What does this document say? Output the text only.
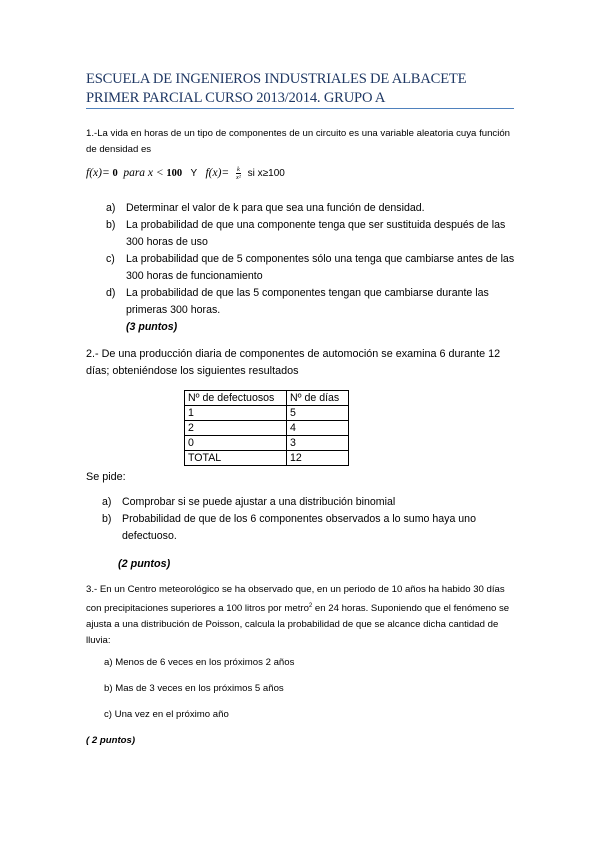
ESCUELA DE INGENIEROS INDUSTRIALES DE ALBACETE PRIMER PARCIAL CURSO 2013/2014. GRUPO A
1.-La vida en horas de un tipo de componentes de un circuito es una variable aleatoria cuya función de densidad es
f(x)= 0 para x < 100 Y $f(x)= \frac{k}{\text{x²}}$ si x≥100
a) Determinar el valor de k para que sea una función de densidad.
b) La probabilidad de que una componente tenga que ser sustituida después de las 300 horas de uso
c)	La probabilidad que de 5 componentes sólo una tenga que cambiarse antes de las 300 horas de funcionamiento
d) La probabilidad de que las 5 componentes tengan que cambiarse durante las primeras 300 horas.
(3 puntos)
2.- De una producción diaria de componentes de automoción se examina 6 durante 12 días; obteniéndose los siguientes resultados
Nº de defectuosos	Nº de días
1	5
2	4
0	3
TOTAL	12
Se pide:
a) Comprobar si se puede ajustar a una distribución binomial
b) Probabilidad de que de los 6 componentes observados a lo sumo haya uno defectuoso.
(2 puntos)
3.- En un Centro meteorológico se ha observado que, en un periodo de 10 años ha habido 30 días con precipitaciones superiores a 100 litros por metro$^2$ en 24 horas. Suponiendo que el fenómeno se ajusta a una distribución de Poisson, calcula la probabilidad de que se alcance dicha cantidad de lluvia:
a) Menos de 6 veces en los próximos 2 años
b) Mas de 3 veces en los próximos 5 años
c) Una vez en el próximo año
( 2 puntos)
